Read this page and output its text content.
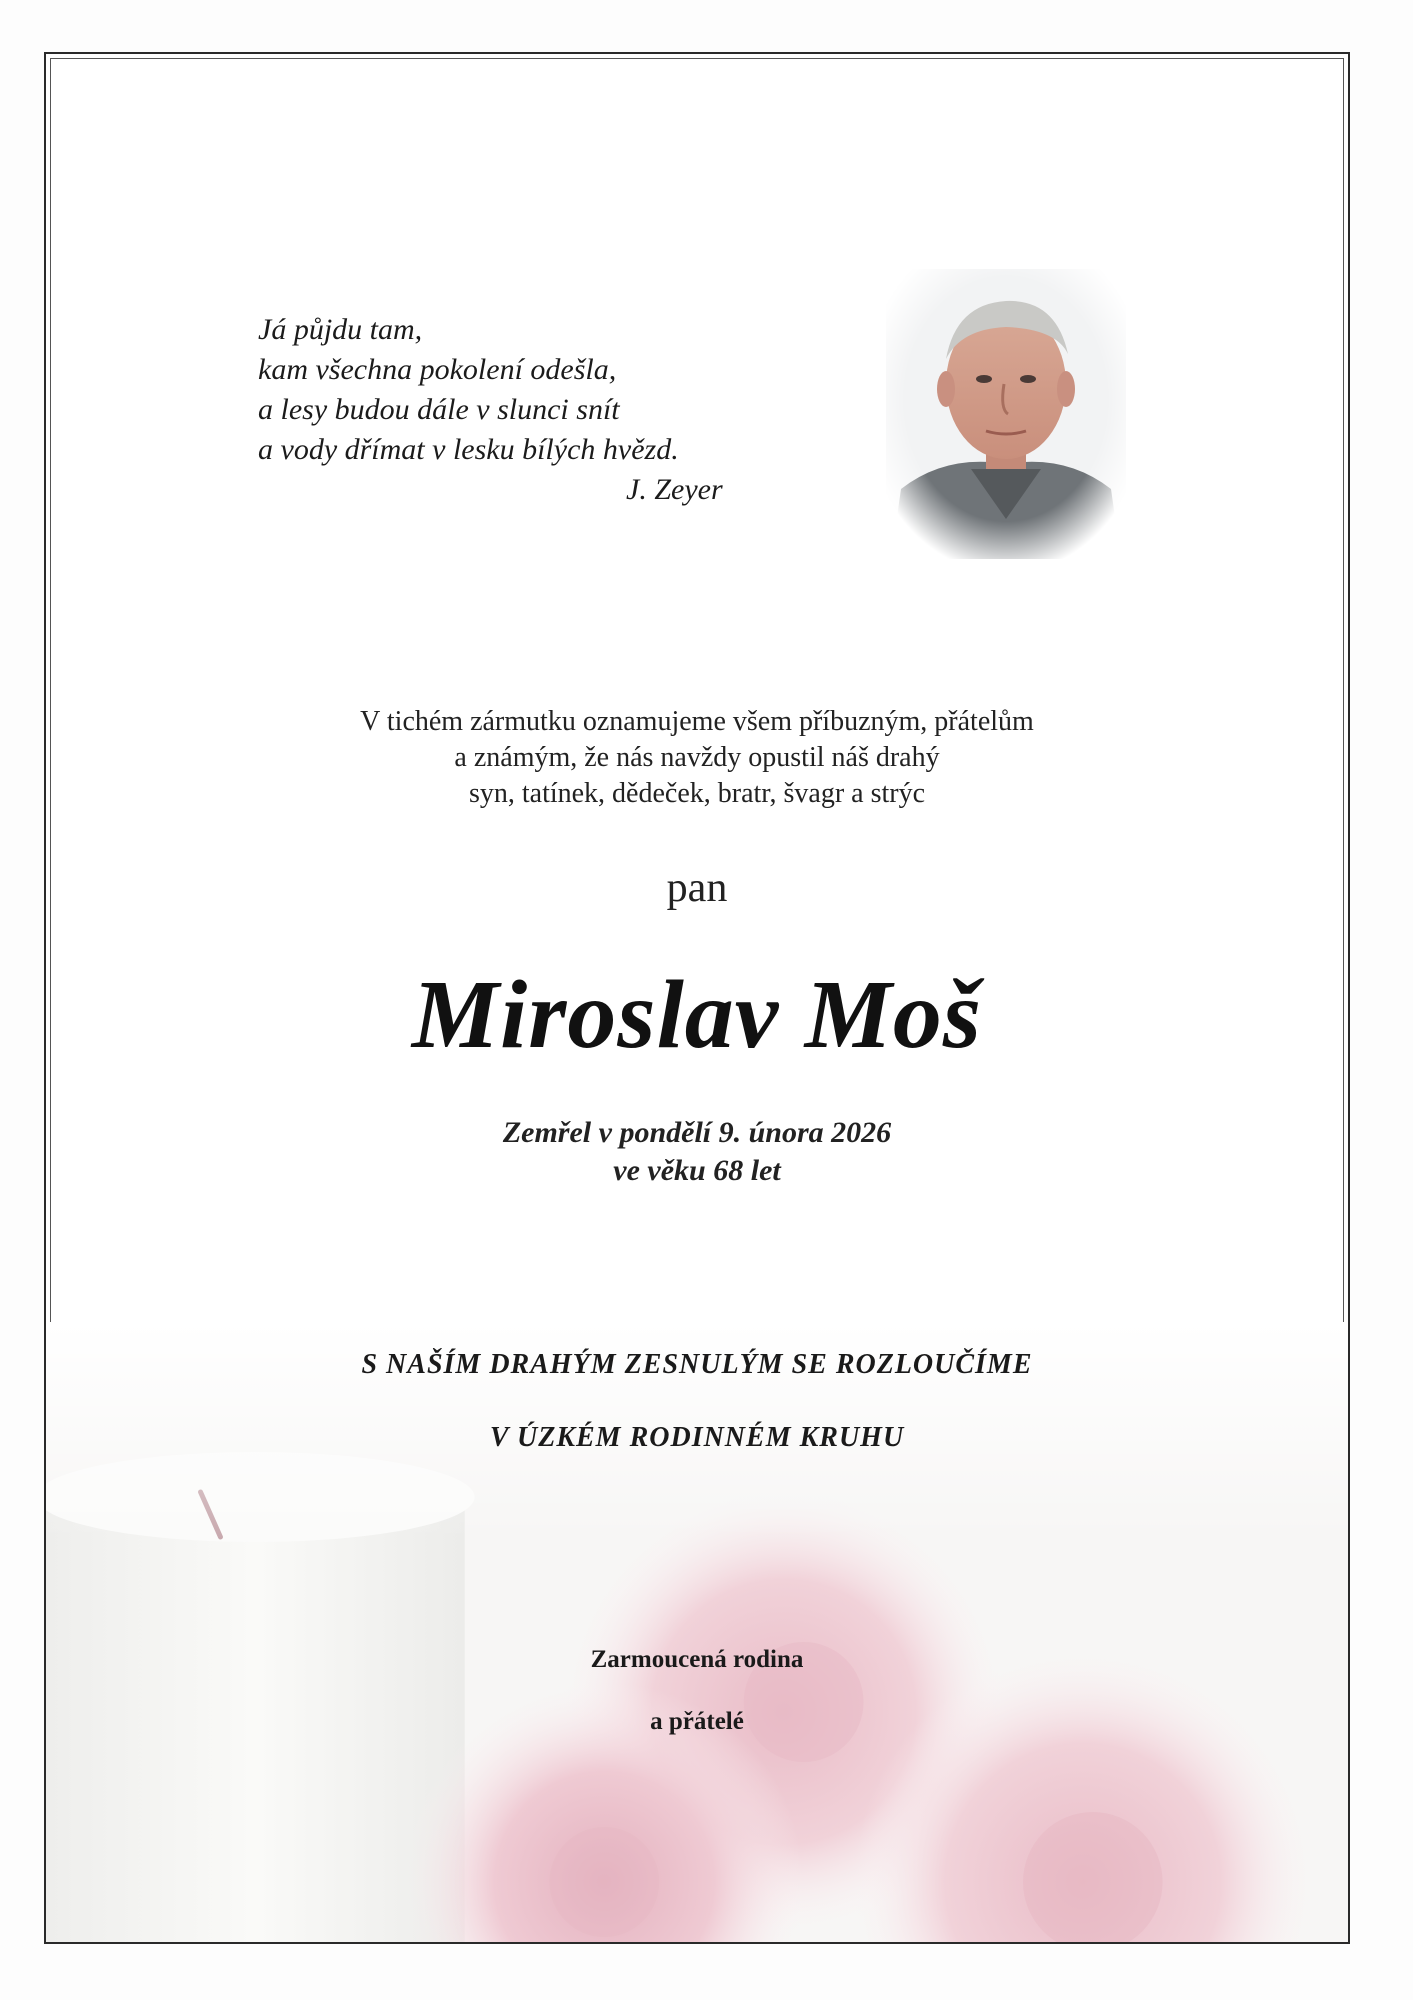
Já půjdu tam,
kam všechna pokolení odešla,
a lesy budou dále v slunci snít
a vody dřímat v lesku bílých hvězd.
J. Zeyer
V tichém zármutku oznamujeme všem příbuzným, přátelům
a známým, že nás navždy opustil náš drahý
syn, tatínek, dědeček, bratr, švagr a strýc
pan
Miroslav Moš
Zemřel v pondělí 9. února 2026
ve věku 68 let
S NAŠÍM DRAHÝM ZESNULÝM SE ROZLOUČÍME
V ÚZKÉM RODINNÉM KRUHU
Zarmoucená rodina
a přátelé
